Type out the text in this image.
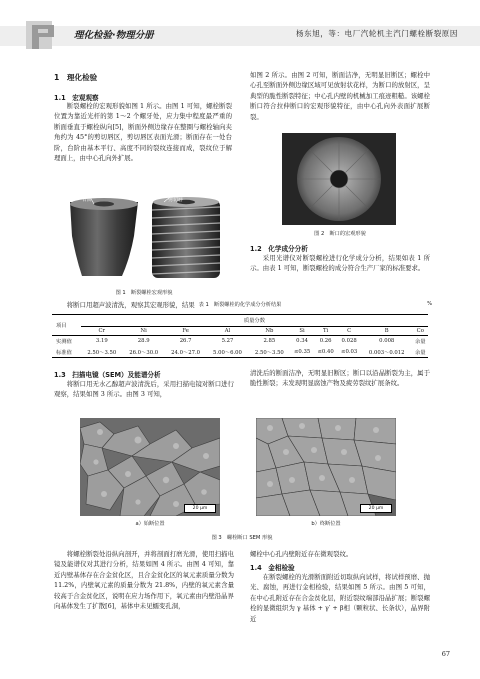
理化检验·物理分册	杨东旭，等：电厂汽轮机主汽门螺栓断裂原因
1　理化检验
1.1　宏观观察

断裂螺栓的宏观形貌如图 1 所示。由图 1 可知，螺栓断裂位置为靠近光杆的第 1～2 个螺牙处，应力集中程度最严重的断面垂直于螺栓纵向[5]，断面外侧边缘存在整圈与螺栓轴向夹角约为 45°的剪切唇区，剪切唇区表面光滑；断面存在一处台阶，台阶由基本平行、高度不同的裂纹连接而成，裂纹位于解理面上，由中心孔向外扩展。

台阶	剪切唇
图 1　断裂螺栓宏观形貌

将断口用超声波清洗，观察其宏观形貌，结果

如图 2 所示。由图 2 可知，断面洁净，无明显旧断区；螺栓中心孔至断面外侧边缘区域可见放射状花样，为断口的放射区，呈典型的脆性断裂特征；中心孔内壁的机械加工痕迹粗糙。该螺栓断口符合拉伸断口的宏观形貌特征，由中心孔向外表面扩展断裂。

图 2　断口的宏观形貌
1.2　化学成分分析

采用光谱仪对断裂螺栓进行化学成分分析，结果如表 1 所示。由表 1 可知，断裂螺栓的成分符合生产厂家的标准要求。

表 1　断裂螺栓的化学成分分析结果	%
项目	质量分数									
	Cr	Ni	Fe	Al	Nb	Si	Ti	C	B	Co
实测值	3.19	28.9	26.7	5.27	2.85	0.34	0.26	0.028	0.008	余量
标准值	2.50～3.50	26.0～30.0	24.0～27.0	5.00～6.00	2.50～3.50	≤0.35	≤0.40	≤0.03	0.003～0.012	余量
1.3　扫描电镜（SEM）及能谱分析

将断口用无水乙醇超声波清洗后，采用扫描电镜对断口进行观察，结果如图 3 所示。由图 3 可知，

清洗后的断面洁净，无明显旧断区；断口以沿晶断裂为主，属于脆性断裂；未发现明显腐蚀产物及疲劳裂纹扩展条纹。

20 μm	20 μm
a）始断位置	b）终断位置
图 3　螺栓断口 SEM 形貌

将螺栓断裂处沿纵向剖开，并将剖面打磨光滑，使用扫描电镜及能谱仪对其进行分析，结果如图 4 所示。由图 4 可知，靠近内壁基体存在合金贫化区，且合金贫化区的氧元素质量分数为 11.2%，内壁氧元素的质量分数为 21.8%，内壁的氧元素含量较高于合金贫化区，说明在应力场作用下，氧元素由内壁沿晶界向基体发生了扩散[6]，基体中未见蠕变孔洞，

螺栓中心孔内壁附近存在微观裂纹。

1.4　金相检验

在断裂螺栓的光滑断面附近切取纵向试样，将试样预磨、抛光、腐蚀，再进行金相检验，结果如图 5 所示。由图 5 可知，在中心孔附近存在合金贫化层，附近裂纹端部沿晶扩展；断裂螺栓的显微组织为 γ 基体 + γ′ + β相（颗粒状、长条状），晶界附近

67
